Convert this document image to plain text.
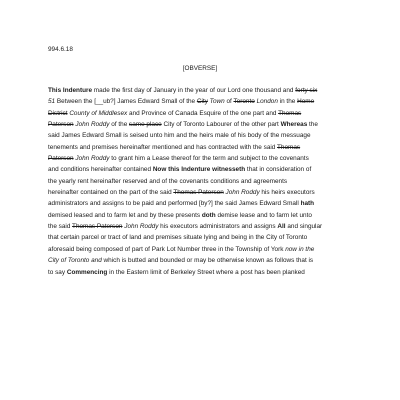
994.6.18
[OBVERSE]
This Indenture made the first day of January in the year of our Lord one thousand and forty six
51 Between the [__ub?] James Edward Small of the City Town of Toronto London in the Home
District County of Middlesex and Province of Canada Esquire of the one part and Thomas
Paterson John Roddy of the same place City of Toronto Labourer of the other part Whereas the
said James Edward Small is seised unto him and the heirs male of his body of the messuage
tenements and premises hereinafter mentioned and has contracted with the said Thomas
Paterson John Roddy to grant him a Lease thereof for the term and subject to the covenants
and conditions hereinafter contained Now this Indenture witnesseth that in consideration of
the yearly rent hereinafter reserved and of the covenants conditions and agreements
hereinafter contained on the part of the said Thomas Paterson John Roddy his heirs executors
administrators and assigns to be paid and performed [by?] the said James Edward Small hath
demised leased and to farm let and by these presents doth demise lease and to farm let unto
the said Thomas Paterson John Roddy his executors administrators and assigns All and singular
that certain parcel or tract of land and premises situate lying and being in the City of Toronto
aforesaid being composed of part of Park Lot Number three in the Township of York now in the
City of Toronto and which is butted and bounded or may be otherwise known as follows that is
to say Commencing in the Eastern limit of Berkeley Street where a post has been planked
